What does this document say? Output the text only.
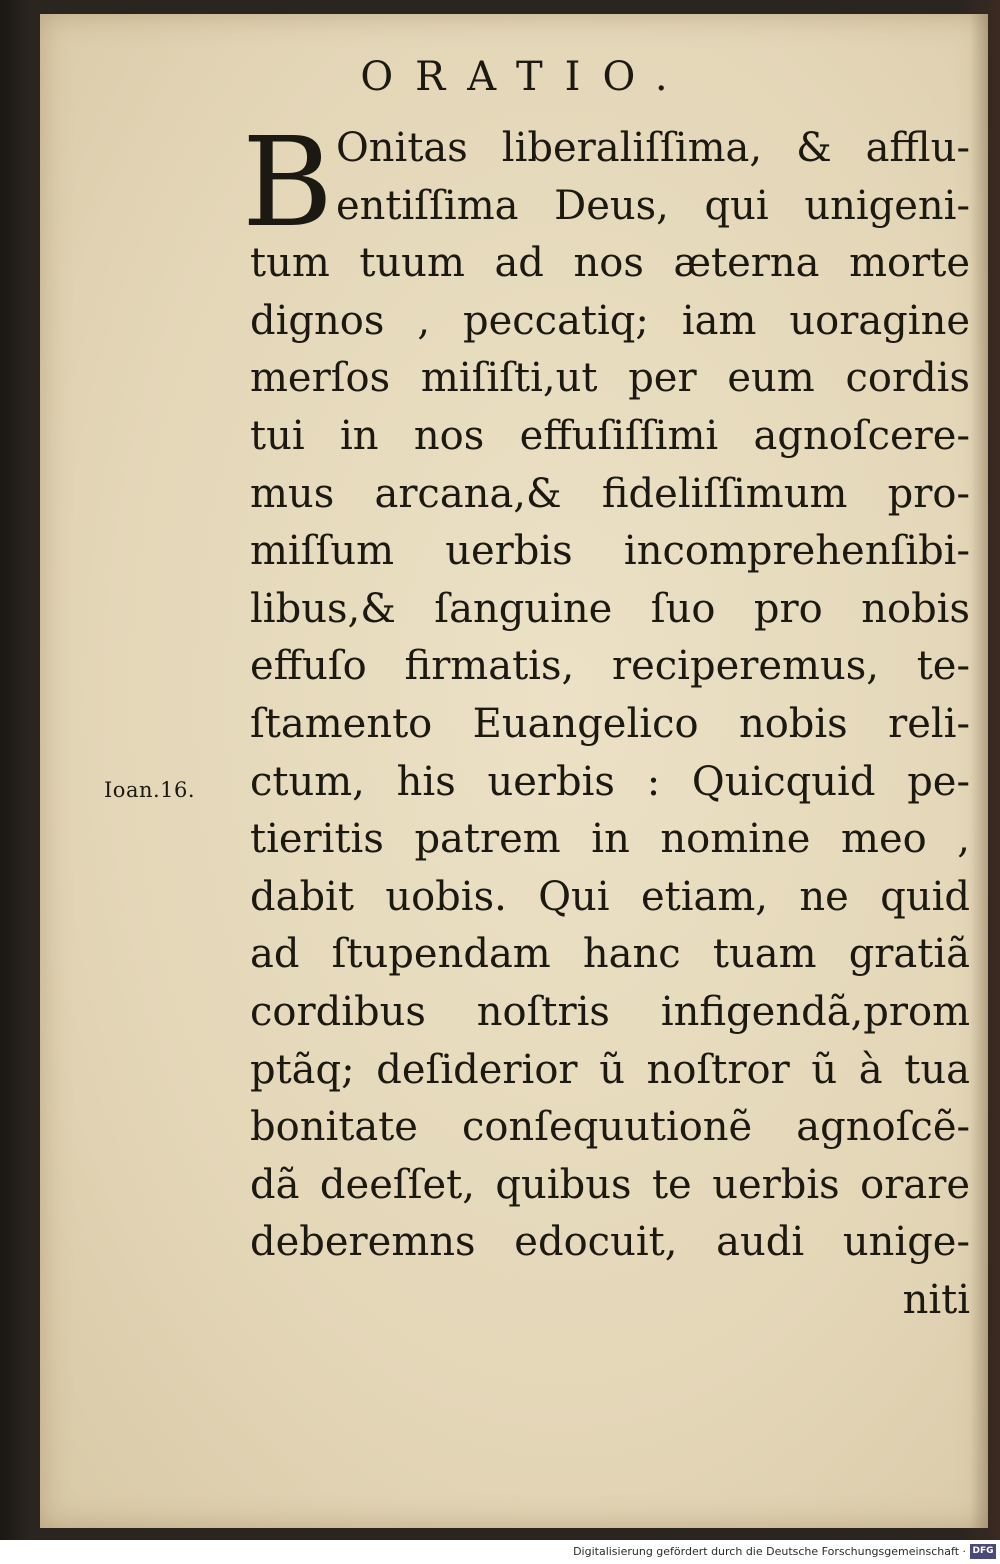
ORATIO.
Ioan.16.
B Onitas liberaliſſima, & afflu-
entiſſima Deus, qui unigeni-
tum tuum ad nos æterna morte
dignos , peccatiq; iam uoragine
merſos miſiſti,ut per eum cordis
tui in nos effuſiſſimi agnoſcere-
mus arcana,& fideliſſimum pro-
miſſum uerbis incomprehenſibi-
libus,& ſanguine ſuo pro nobis
effuſo firmatis, reciperemus, te-
ſtamento Euangelico nobis reli-
ctum, his uerbis : Quicquid pe-
tieritis patrem in nomine meo ,
dabit uobis. Qui etiam, ne quid
ad ſtupendam hanc tuam gratiã
cordibus noſtris infigendã,prom
ptãq; deſiderior ũ noſtror ũ à tua
bonitate conſequutionẽ agnoſcẽ-
dã deeſſet, quibus te uerbis orare
deberemns edocuit, audi unige-
niti
Digitalisierung gefördert durch die Deutsche Forschungsgemeinschaft · DFG
